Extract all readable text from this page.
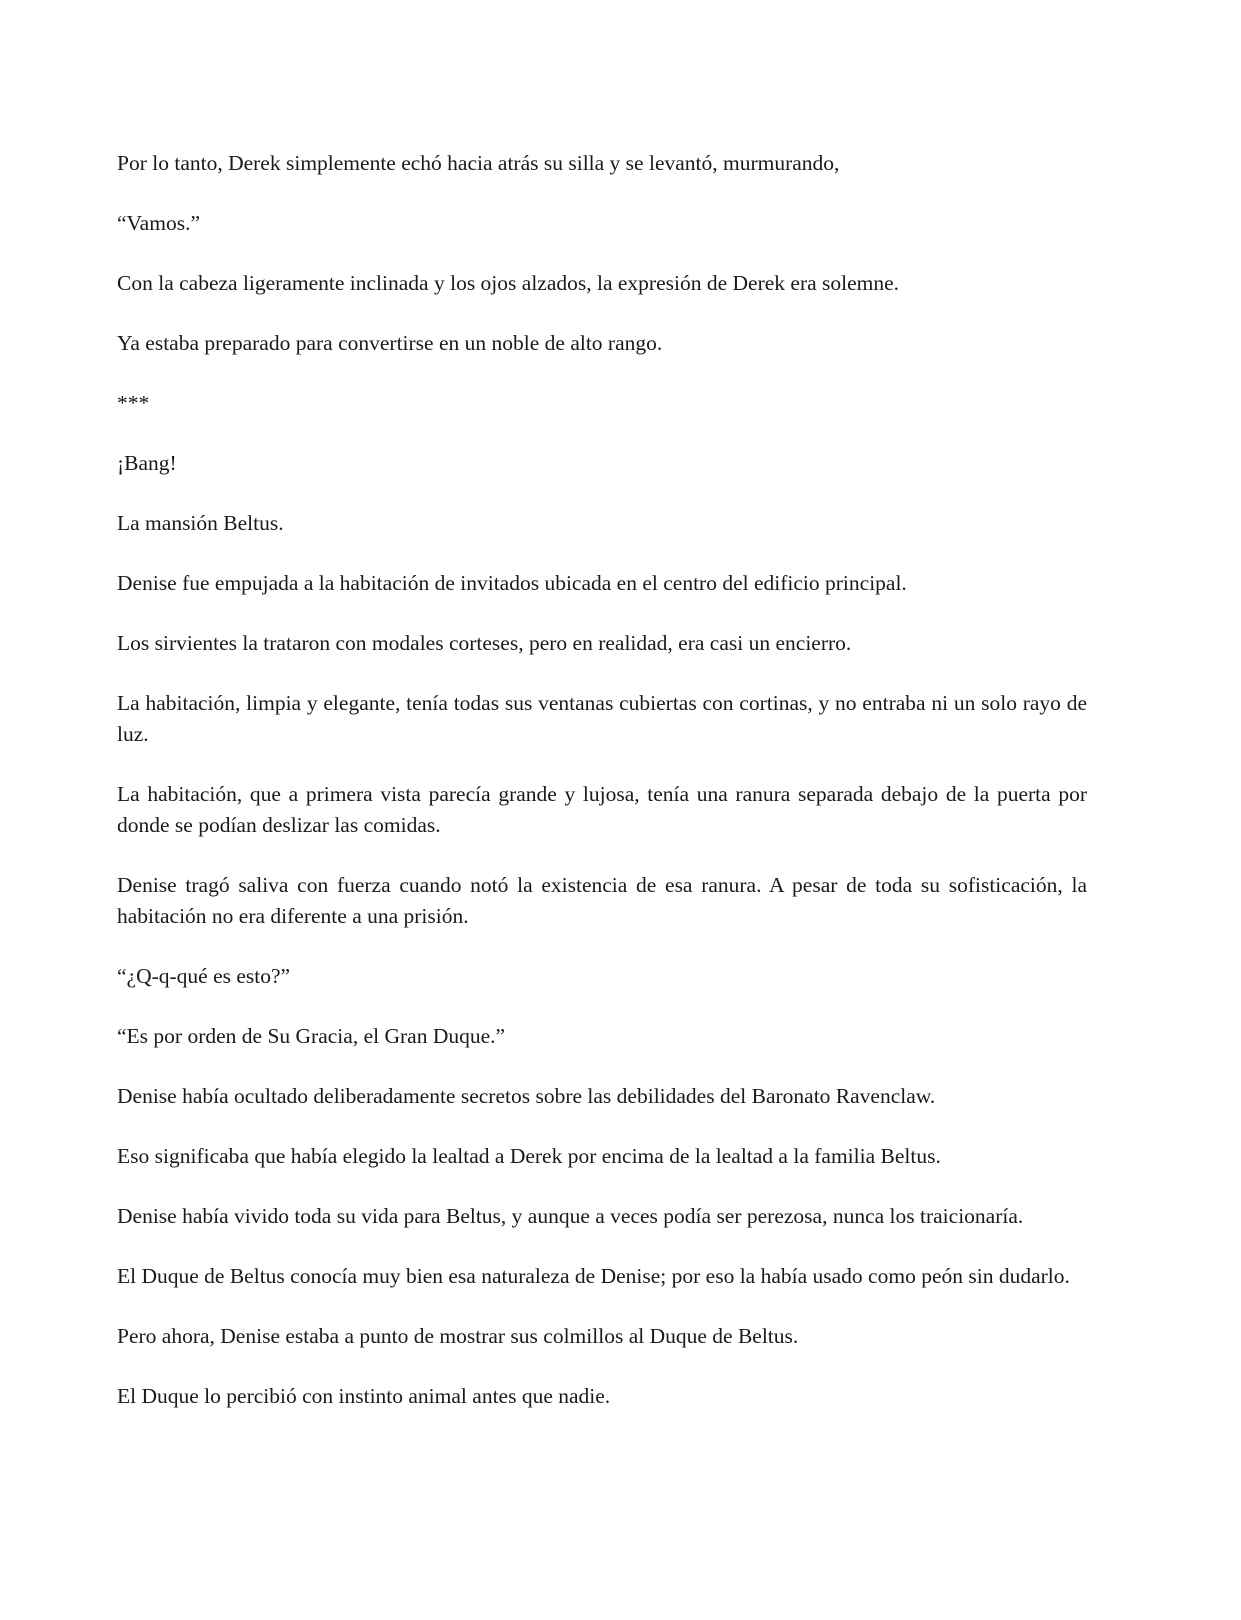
Por lo tanto, Derek simplemente echó hacia atrás su silla y se levantó, murmurando,

“Vamos.”

Con la cabeza ligeramente inclinada y los ojos alzados, la expresión de Derek era solemne.

Ya estaba preparado para convertirse en un noble de alto rango.

***

¡Bang!

La mansión Beltus.

Denise fue empujada a la habitación de invitados ubicada en el centro del edificio principal.

Los sirvientes la trataron con modales corteses, pero en realidad, era casi un encierro.

La habitación, limpia y elegante, tenía todas sus ventanas cubiertas con cortinas, y no entraba ni un solo rayo de luz.

La habitación, que a primera vista parecía grande y lujosa, tenía una ranura separada debajo de la puerta por donde se podían deslizar las comidas.

Denise tragó saliva con fuerza cuando notó la existencia de esa ranura. A pesar de toda su sofisticación, la habitación no era diferente a una prisión.

“¿Q-q-qué es esto?”

“Es por orden de Su Gracia, el Gran Duque.”

Denise había ocultado deliberadamente secretos sobre las debilidades del Baronato Ravenclaw.

Eso significaba que había elegido la lealtad a Derek por encima de la lealtad a la familia Beltus.

Denise había vivido toda su vida para Beltus, y aunque a veces podía ser perezosa, nunca los traicionaría.

El Duque de Beltus conocía muy bien esa naturaleza de Denise; por eso la había usado como peón sin dudarlo.

Pero ahora, Denise estaba a punto de mostrar sus colmillos al Duque de Beltus.

El Duque lo percibió con instinto animal antes que nadie.
